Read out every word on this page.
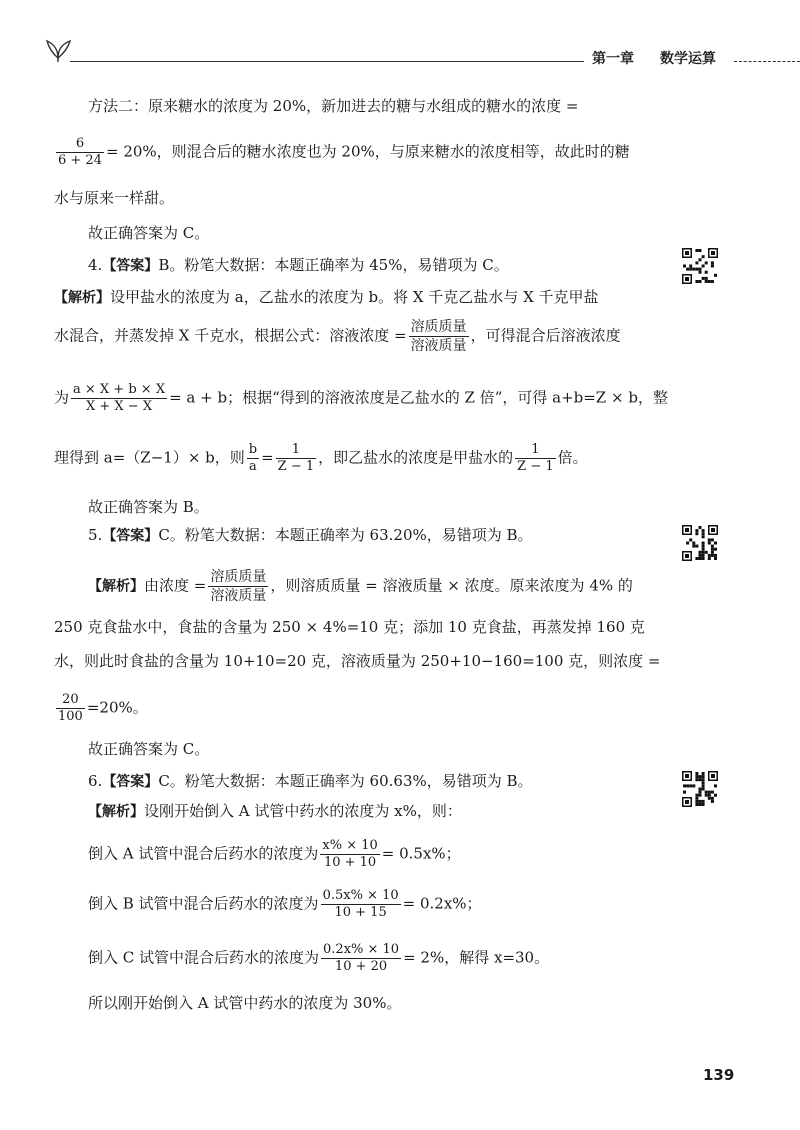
第一章 数学运算
方法二：原来糖水的浓度为 20%，新加进去的糖与水组成的糖水的浓度 =
$\frac{6}{6 + 24} = 20\%$，则混合后的糖水浓度也为 20%，与原来糖水的浓度相等，故此时的糖
水与原来一样甜。
故正确答案为 C。
4.【答案】B。粉笔大数据：本题正确率为 45%，易错项为 C。
【解析】设甲盐水的浓度为 a，乙盐水的浓度为 b。将 X 千克乙盐水与 X 千克甲盐
水混合，并蒸发掉 X 千克水，根据公式：溶液浓度 = $\frac{\text{溶质质量}}{\text{溶液质量}}$ ，可得混合后溶液浓度
为 $\frac{a \times X + b \times X}{X + X - X} = a + b$；根据“得到的溶液浓度是乙盐水的 Z 倍”，可得 a+b=Z × b，整
理得到 a=（Z−1）× b，则 $\frac{b}{a} = \frac{1}{Z - 1}$ ，即乙盐水的浓度是甲盐水的 $\frac{1}{Z - 1}$ 倍。
故正确答案为 B。
5.【答案】C。粉笔大数据：本题正确率为 63.20%，易错项为 B。
【解析】由浓度 = $\frac{\text{溶质质量}}{\text{溶液质量}}$ ，则溶质质量 = 溶液质量 × 浓度。原来浓度为 4% 的
250 克食盐水中，食盐的含量为 250 × 4%=10 克；添加 10 克食盐，再蒸发掉 160 克
水，则此时食盐的含量为 10+10=20 克，溶液质量为 250+10−160=100 克，则浓度 =
$\frac{20}{100} =20\%$。
故正确答案为 C。
6.【答案】C。粉笔大数据：本题正确率为 60.63%，易错项为 B。
【解析】设刚开始倒入 A 试管中药水的浓度为 x%，则：
倒入 A 试管中混合后药水的浓度为 $\frac{x\% \times 10}{10 + 10} = 0.5x\%$；
倒入 B 试管中混合后药水的浓度为 $\frac{0.5x\% \times 10}{10 + 15} = 0.2x\%$；
倒入 C 试管中混合后药水的浓度为 $\frac{0.2x\% \times 10}{10 + 20} = 2\%$，解得 x=30。
所以刚开始倒入 A 试管中药水的浓度为 30%。
139
